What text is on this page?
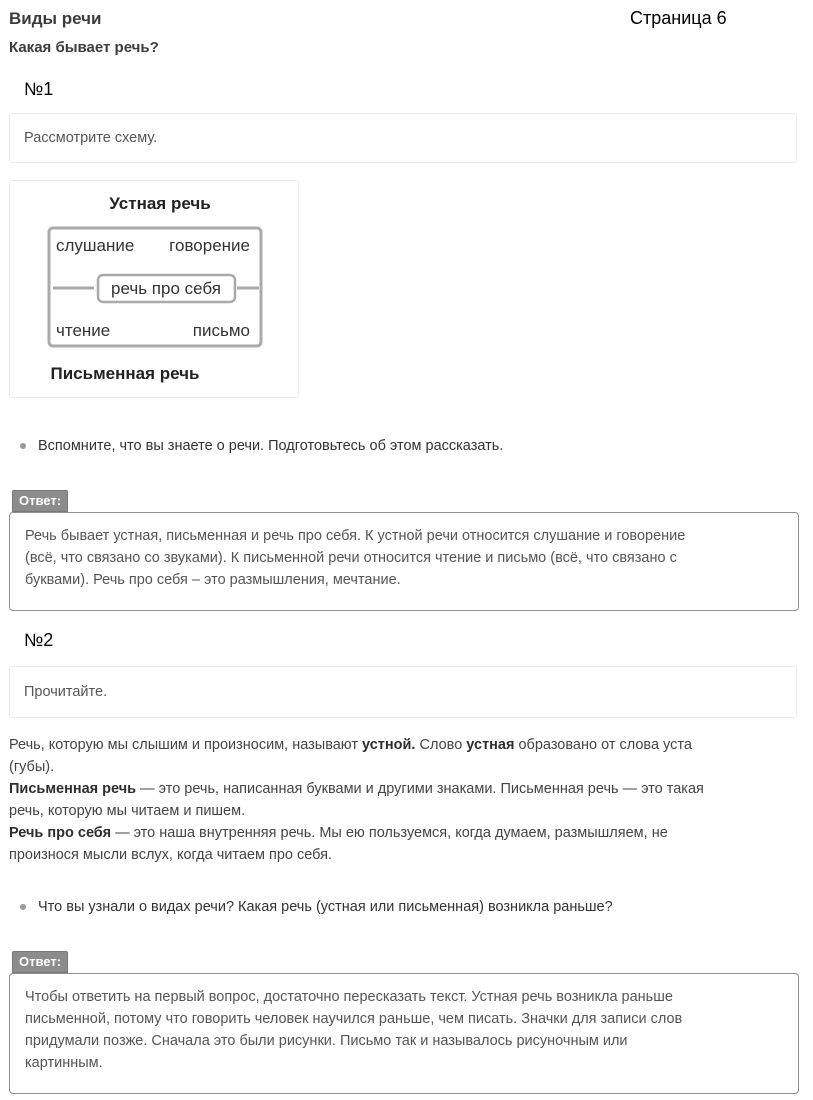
Виды речи	Страница 6
Какая бывает речь?
№1
Рассмотрите схему.
Устная речь
слушание говорение
речь про себя
чтение	письмо
Письменная речь
Вспомните, что вы знаете о речи. Подготовьтесь об этом рассказать.
Ответ:
Речь бывает устная, письменная и речь про себя. К устной речи относится слушание и говорение
(всё, что связано со звуками). К письменной речи относится чтение и письмо (всё, что связано с
буквами). Речь про себя – это размышления, мечтание.
№2
Прочитайте.
Речь, которую мы слышим и произносим, называют устной. Слово устная образовано от слова уста
(губы).
Письменная речь — это речь, написанная буквами и другими знаками. Письменная речь — это такая
речь, которую мы читаем и пишем.
Речь про себя — это наша внутренняя речь. Мы ею пользуемся, когда думаем, размышляем, не
произнося мысли вслух, когда читаем про себя.
Что вы узнали о видах речи? Какая речь (устная или письменная) возникла раньше?
Ответ:
Чтобы ответить на первый вопрос, достаточно пересказать текст. Устная речь возникла раньше
письменной, потому что говорить человек научился раньше, чем писать. Значки для записи слов
придумали позже. Сначала это были рисунки. Письмо так и называлось рисуночным или
картинным.
